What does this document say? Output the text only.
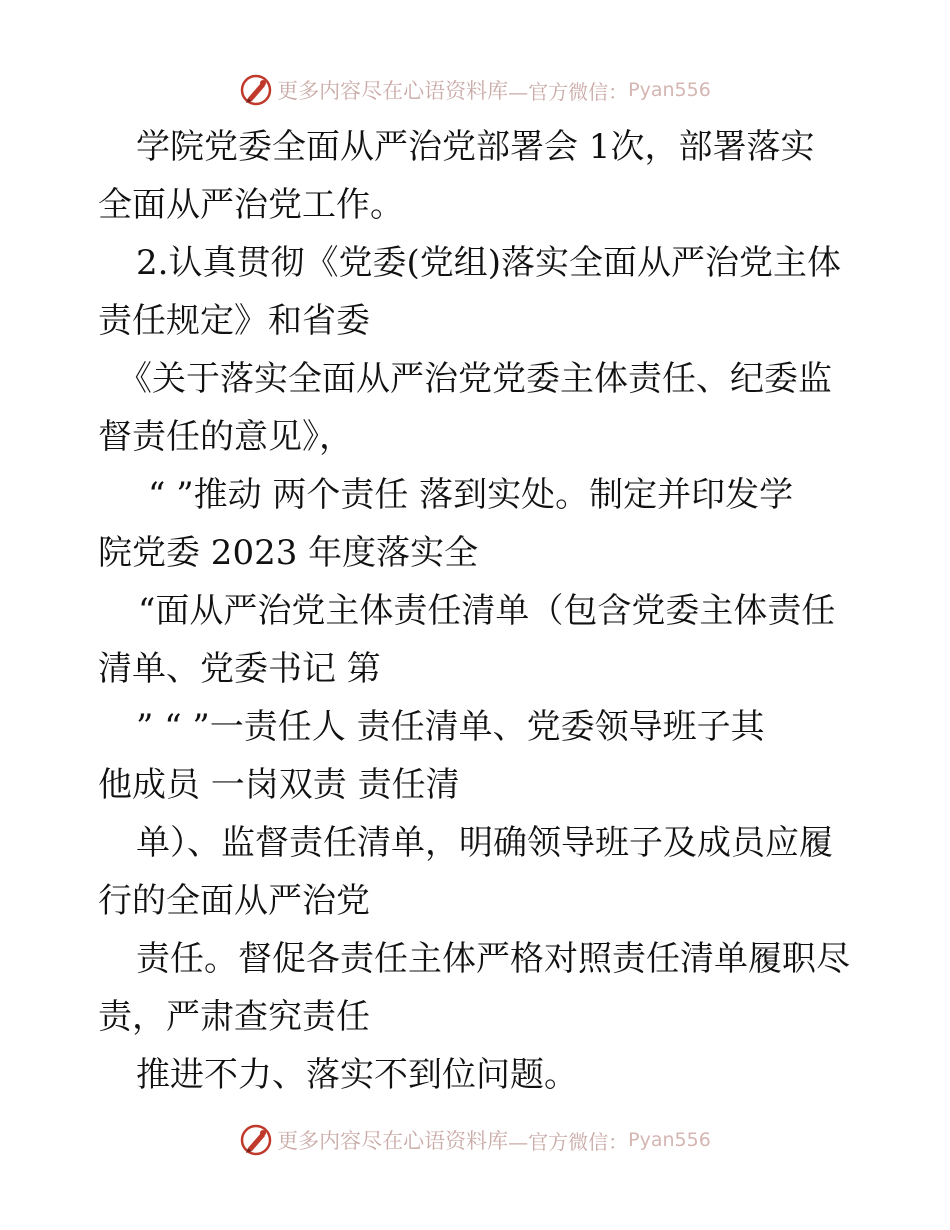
更多内容尽在心语资料库 —官方微信： Pyan556
学院党委全面从严治党部署会 1次，部署落实
全面从严治党工作。
2.认真贯彻《党委(党组)落实全面从严治党主体
责任规定》和省委
《关于落实全面从严治党党委主体责任、纪委监
督责任的意见》，
“ ”推动 两个责任 落到实处。制定并印发学
院党委 2023 年度落实全
“面从严治党主体责任清单（包含党委主体责任
清单、党委书记 第
” “ ”一责任人 责任清单、党委领导班子其
他成员 一岗双责 责任清
单）、监督责任清单，明确领导班子及成员应履
行的全面从严治党
责任。督促各责任主体严格对照责任清单履职尽
责，严肃查究责任
推进不力、落实不到位问题。
更多内容尽在心语资料库 —官方微信： Pyan556
